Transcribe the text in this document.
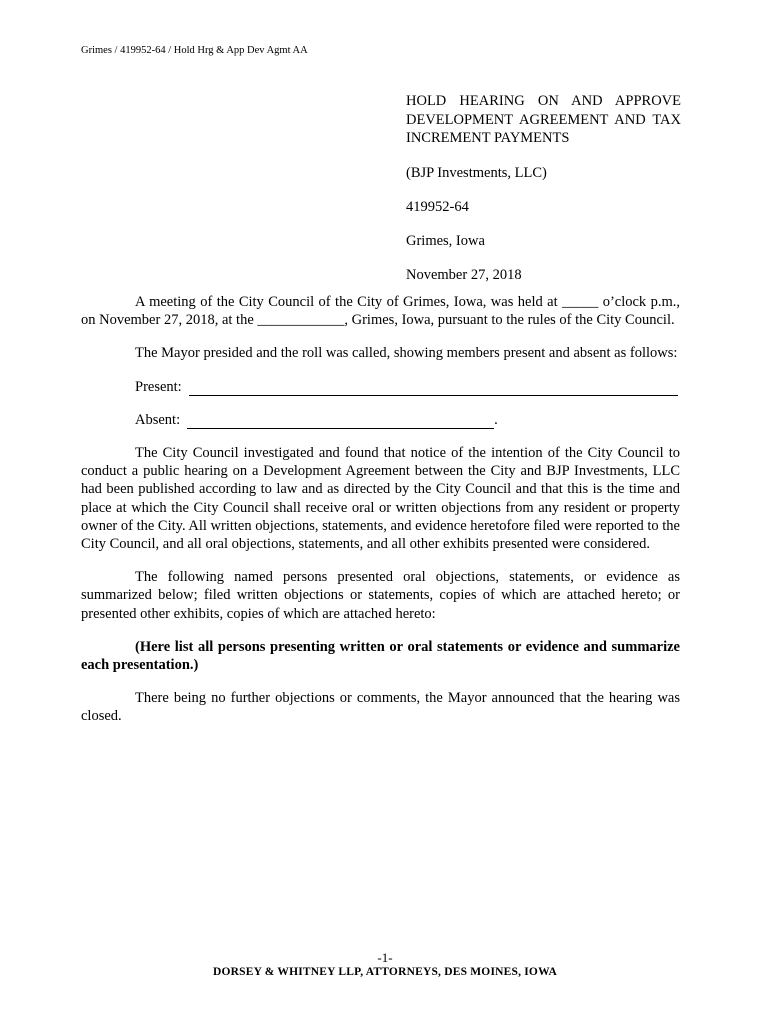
Grimes / 419952-64 / Hold Hrg & App Dev Agmt AA
HOLD HEARING ON AND APPROVE DEVELOPMENT AGREEMENT AND TAX INCREMENT PAYMENTS
(BJP Investments, LLC)
419952-64
Grimes, Iowa
November 27, 2018

A meeting of the City Council of the City of Grimes, Iowa, was held at _____ o’clock p.m., on November 27, 2018, at the ____________, Grimes, Iowa, pursuant to the rules of the City Council.

The Mayor presided and the roll was called, showing members present and absent as follows:

Present:
Absent:	.

The City Council investigated and found that notice of the intention of the City Council to conduct a public hearing on a Development Agreement between the City and BJP Investments, LLC had been published according to law and as directed by the City Council and that this is the time and place at which the City Council shall receive oral or written objections from any resident or property owner of the City. All written objections, statements, and evidence heretofore filed were reported to the City Council, and all oral objections, statements, and all other exhibits presented were considered.

The following named persons presented oral objections, statements, or evidence as summarized below; filed written objections or statements, copies of which are attached hereto; or presented other exhibits, copies of which are attached hereto:

(Here list all persons presenting written or oral statements or evidence and summarize each presentation.)

There being no further objections or comments, the Mayor announced that the hearing was closed.

-1-
DORSEY & WHITNEY LLP, ATTORNEYS, DES MOINES, IOWA
